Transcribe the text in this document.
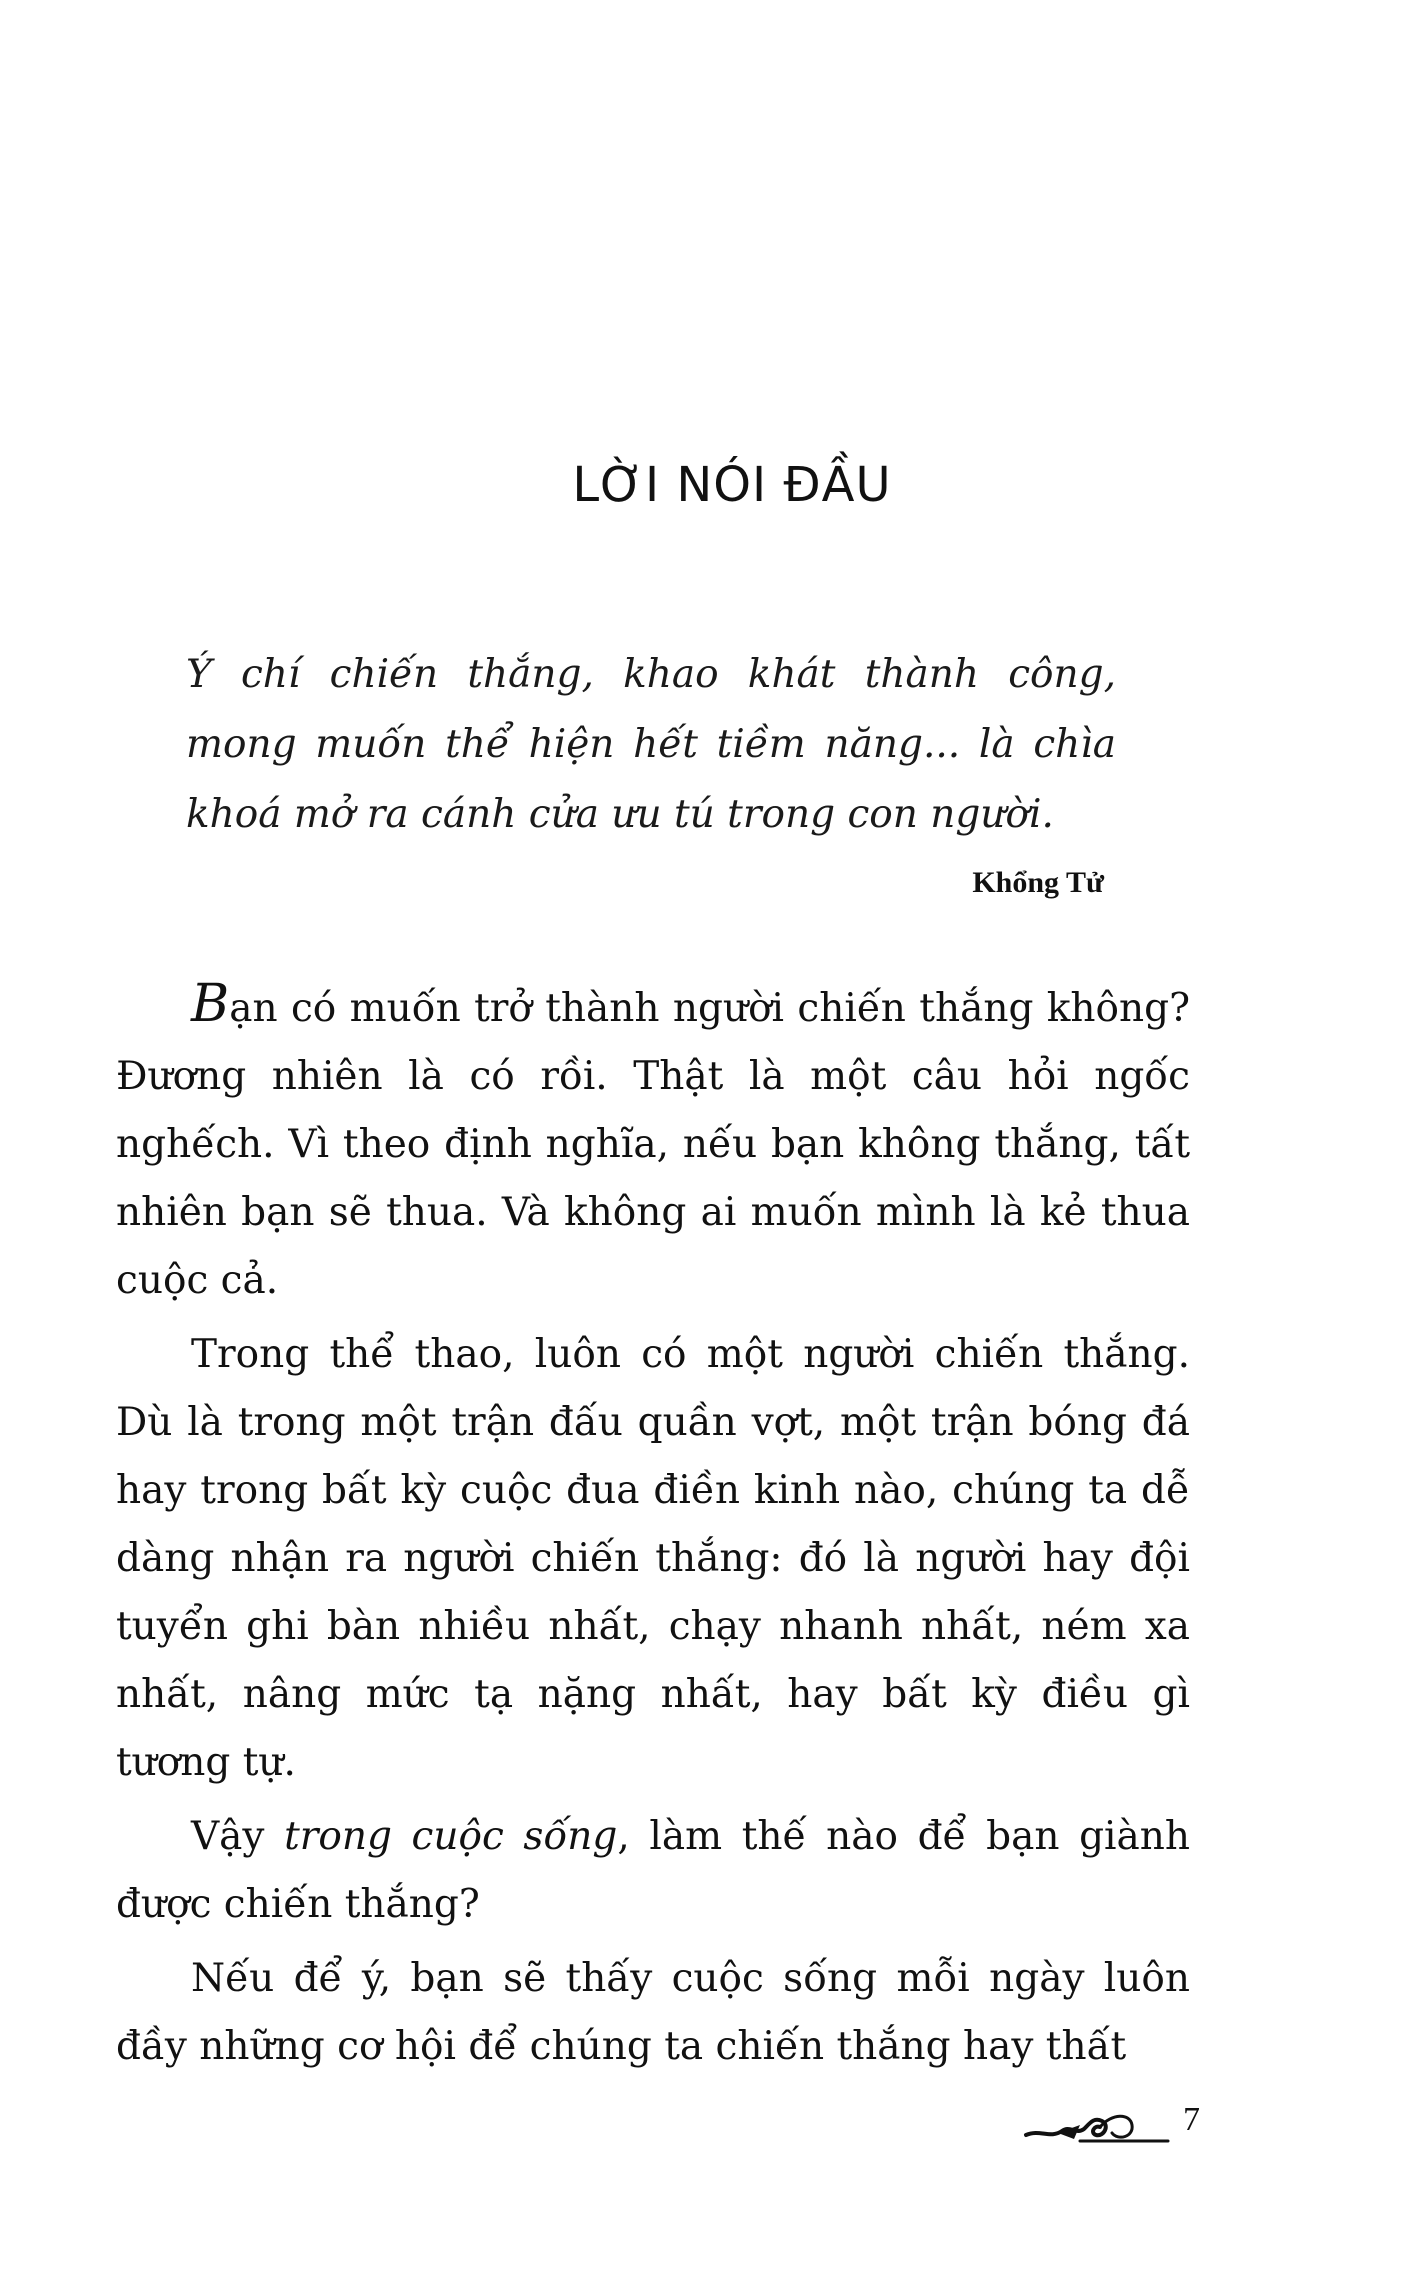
LỜI NÓI ĐẦU
Ý chí chiến thắng, khao khát thành công, mong muốn thể hiện hết tiềm năng... là chìa khoá mở ra cánh cửa ưu tú trong con người.
Khổng Tử

Bạn có muốn trở thành người chiến thắng không? Đương nhiên là có rồi. Thật là một câu hỏi ngốc nghếch. Vì theo định nghĩa, nếu bạn không thắng, tất nhiên bạn sẽ thua. Và không ai muốn mình là kẻ thua cuộc cả.

Trong thể thao, luôn có một người chiến thắng. Dù là trong một trận đấu quần vợt, một trận bóng đá hay trong bất kỳ cuộc đua điền kinh nào, chúng ta dễ dàng nhận ra người chiến thắng: đó là người hay đội tuyển ghi bàn nhiều nhất, chạy nhanh nhất, ném xa nhất, nâng mức tạ nặng nhất, hay bất kỳ điều gì tương tự.

Vậy trong cuộc sống, làm thế nào để bạn giành được chiến thắng?

Nếu để ý, bạn sẽ thấy cuộc sống mỗi ngày luôn đầy những cơ hội để chúng ta chiến thắng hay thất

7
